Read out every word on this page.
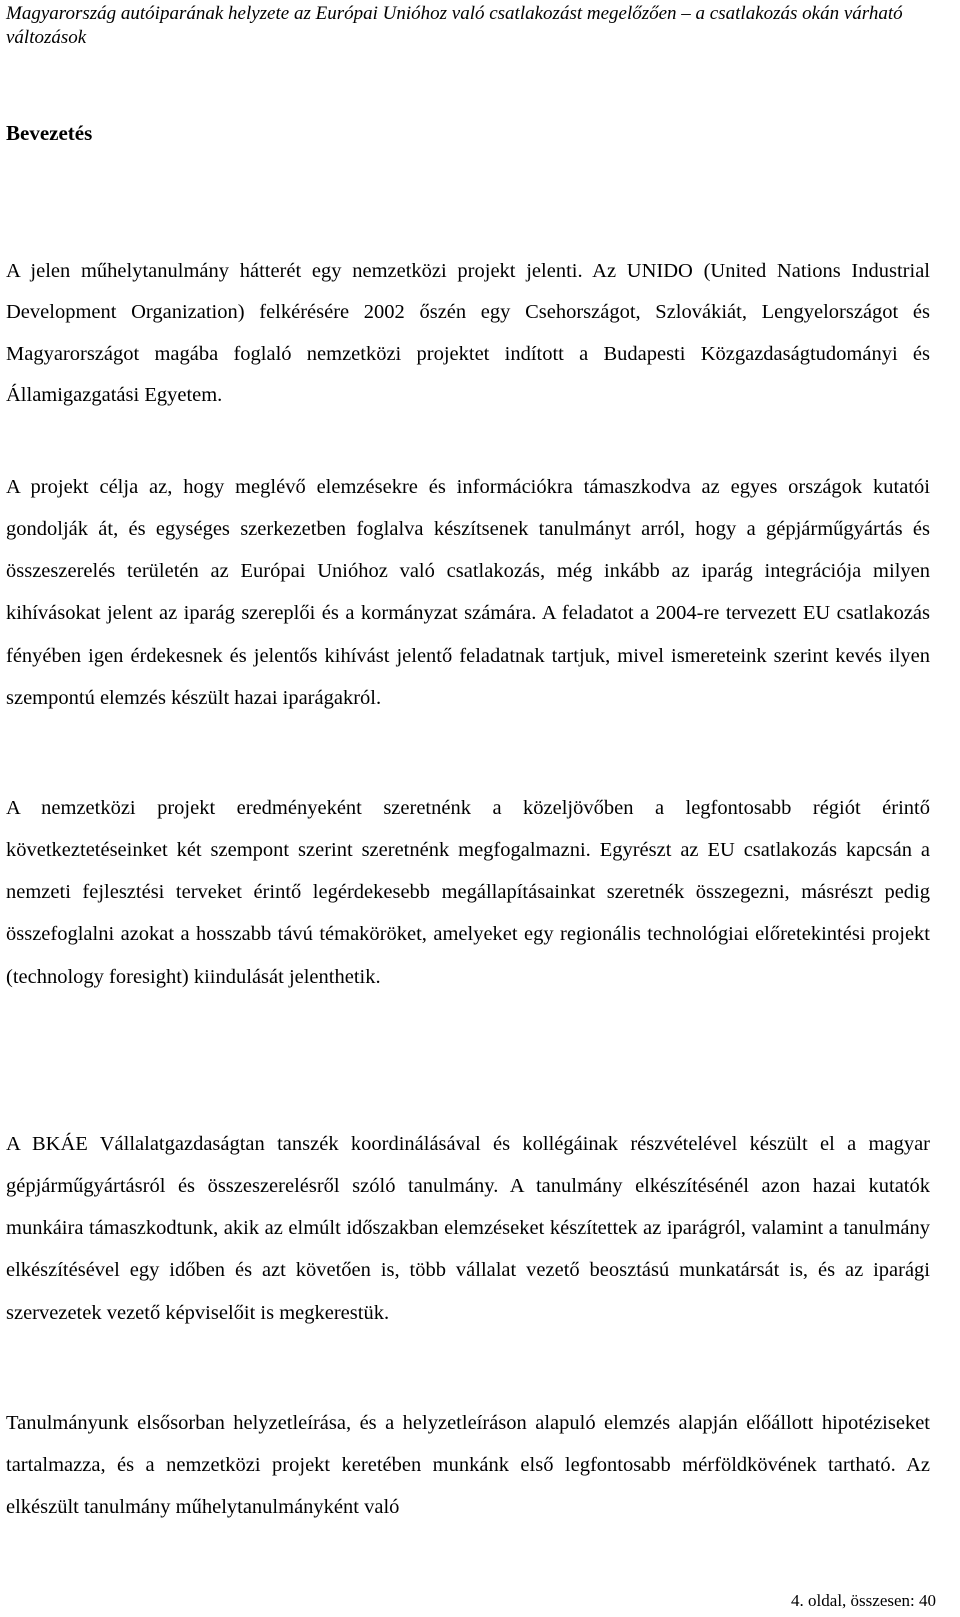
Magyarország autóiparának helyzete az Európai Unióhoz való csatlakozást megelőzően – a csatlakozás okán várható változások
Bevezetés

A jelen műhelytanulmány hátterét egy nemzetközi projekt jelenti. Az UNIDO (United Nations Industrial Development Organization) felkérésére 2002 őszén egy Csehországot, Szlovákiát, Lengyelországot és Magyarországot magába foglaló nemzetközi projektet indított a Budapesti Közgazdaságtudományi és Államigazgatási Egyetem.

A projekt célja az, hogy meglévő elemzésekre és információkra támaszkodva az egyes országok kutatói gondolják át, és egységes szerkezetben foglalva készítsenek tanulmányt arról, hogy a gépjárműgyártás és összeszerelés területén az Európai Unióhoz való csatlakozás, még inkább az iparág integrációja milyen kihívásokat jelent az iparág szereplői és a kormányzat számára. A feladatot a 2004-re tervezett EU csatlakozás fényében igen érdekesnek és jelentős kihívást jelentő feladatnak tartjuk, mivel ismereteink szerint kevés ilyen szempontú elemzés készült hazai iparágakról.

A nemzetközi projekt eredményeként szeretnénk a közeljövőben a legfontosabb régiót érintő következtetéseinket két szempont szerint szeretnénk megfogalmazni. Egyrészt az EU csatlakozás kapcsán a nemzeti fejlesztési terveket érintő legérdekesebb megállapításainkat szeretnék összegezni, másrészt pedig összefoglalni azokat a hosszabb távú témaköröket, amelyeket egy regionális technológiai előretekintési projekt (technology foresight) kiindulását jelenthetik.

A BKÁE Vállalatgazdaságtan tanszék koordinálásával és kollégáinak részvételével készült el a magyar gépjárműgyártásról és összeszerelésről szóló tanulmány. A tanulmány elkészítésénél azon hazai kutatók munkáira támaszkodtunk, akik az elmúlt időszakban elemzéseket készítettek az iparágról, valamint a tanulmány elkészítésével egy időben és azt követően is, több vállalat vezető beosztású munkatársát is, és az iparági szervezetek vezető képviselőit is megkerestük.

Tanulmányunk elsősorban helyzetleírása, és a helyzetleíráson alapuló elemzés alapján előállott hipotéziseket tartalmazza, és a nemzetközi projekt keretében munkánk első legfontosabb mérföldkövének tartható. Az elkészült tanulmány műhelytanulmányként való

4. oldal, összesen: 40
